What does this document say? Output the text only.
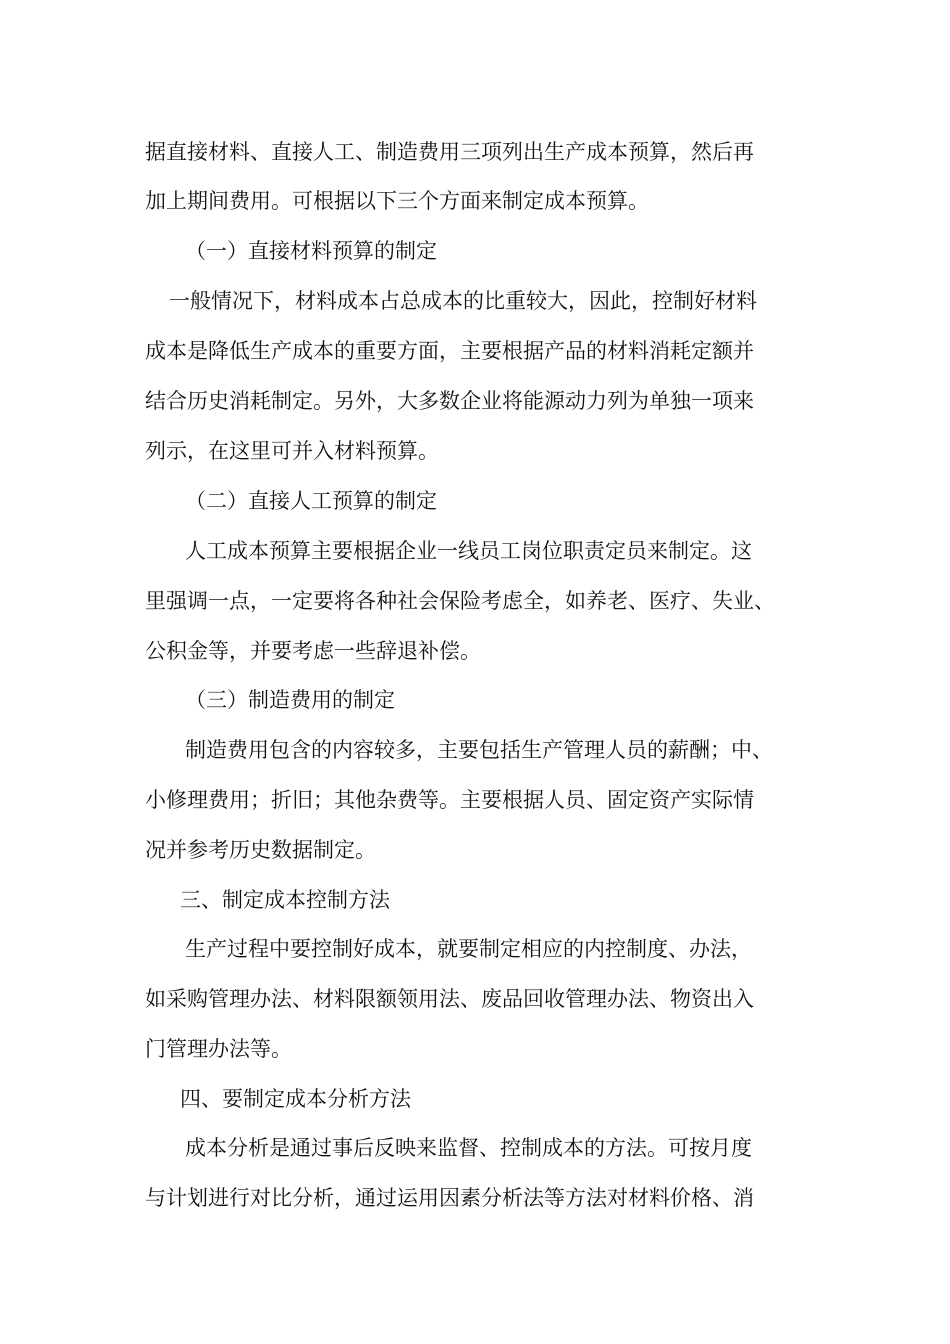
据直接材料、直接人工、制造费用三项列出生产成本预算，然后再
加上期间费用。可根据以下三个方面来制定成本预算。
（一）直接材料预算的制定
一般情况下，材料成本占总成本的比重较大，因此，控制好材料
成本是降低生产成本的重要方面，主要根据产品的材料消耗定额并
结合历史消耗制定。另外，大多数企业将能源动力列为单独一项来
列示，在这里可并入材料预算。
（二）直接人工预算的制定
人工成本预算主要根据企业一线员工岗位职责定员来制定。这
里强调一点，一定要将各种社会保险考虑全，如养老、医疗、失业、
公积金等，并要考虑一些辞退补偿。
（三）制造费用的制定
制造费用包含的内容较多，主要包括生产管理人员的薪酬；中、
小修理费用；折旧；其他杂费等。主要根据人员、固定资产实际情
况并参考历史数据制定。
三、制定成本控制方法
生产过程中要控制好成本，就要制定相应的内控制度、办法，
如采购管理办法、材料限额领用法、废品回收管理办法、物资出入
门管理办法等。
四、要制定成本分析方法
成本分析是通过事后反映来监督、控制成本的方法。可按月度
与计划进行对比分析，通过运用因素分析法等方法对材料价格、消
